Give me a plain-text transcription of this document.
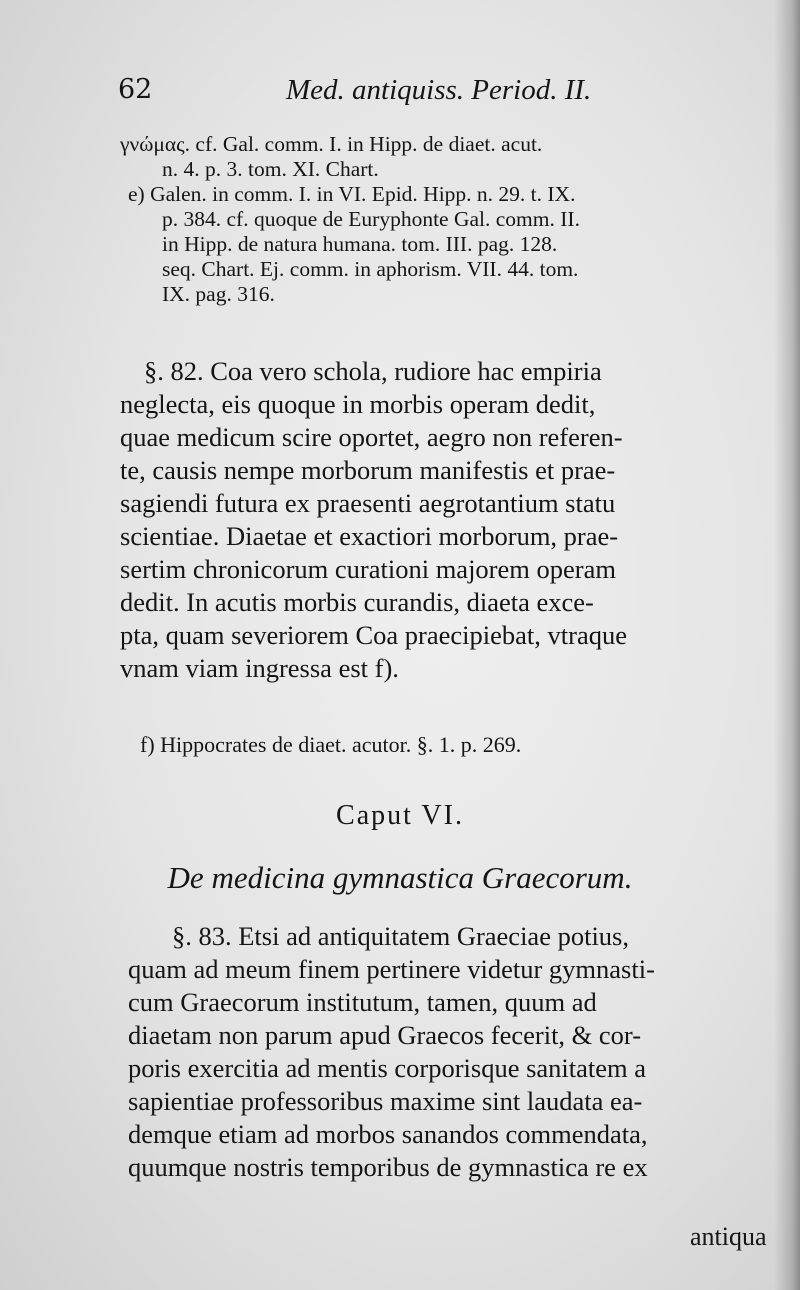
62	Med. antiquiss. Period. II.
γνώμας. cf. Gal. comm. I. in Hipp. de diaet. acut.
n. 4. p. 3. tom. XI. Chart.
e) Galen. in comm. I. in VI. Epid. Hipp. n. 29. t. IX.
p. 384. cf. quoque de Euryphonte Gal. comm. II.
in Hipp. de natura humana. tom. III. pag. 128.
seq. Chart. Ej. comm. in aphorism. VII. 44. tom.
IX. pag. 316.
§. 82. Coa vero schola, rudiore hac empiria
neglecta, eis quoque in morbis operam dedit,
quae medicum scire oportet, aegro non referen-
te, causis nempe morborum manifestis et prae-
sagiendi futura ex praesenti aegrotantium statu
scientiae. Diaetae et exactiori morborum, prae-
sertim chronicorum curationi majorem operam
dedit. In acutis morbis curandis, diaeta exce-
pta, quam severiorem Coa praecipiebat, vtraque
vnam viam ingressa est f).
f) Hippocrates de diaet. acutor. §. 1. p. 269.
Caput VI.
De medicina gymnastica Graecorum.
§. 83. Etsi ad antiquitatem Graeciae potius,
quam ad meum finem pertinere videtur gymnasti-
cum Graecorum institutum, tamen, quum ad
diaetam non parum apud Graecos fecerit, & cor-
poris exercitia ad mentis corporisque sanitatem a
sapientiae professoribus maxime sint laudata ea-
demque etiam ad morbos sanandos commendata,
quumque nostris temporibus de gymnastica re ex
antiqua
